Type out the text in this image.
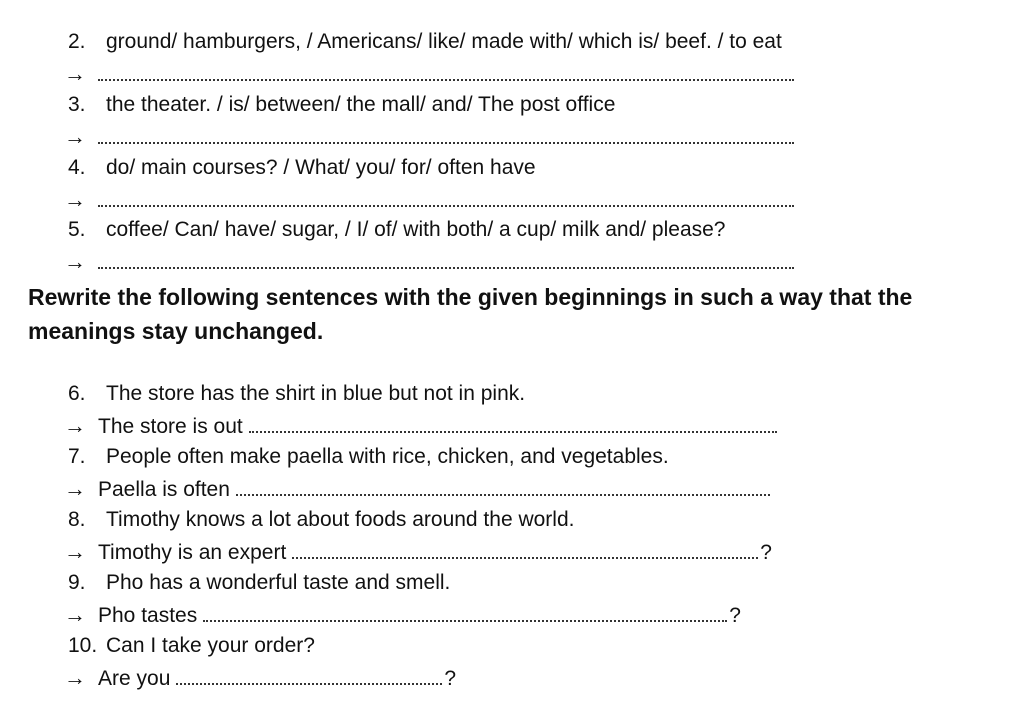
2. ground/ hamburgers, / Americans/ like/ made with/ which is/ beef. / to eat
→
3. the theater. / is/ between/ the mall/ and/ The post office
→
4. do/ main courses? / What/ you/ for/ often have
→
5. coffee/ Can/ have/ sugar, / I/ of/ with both/ a cup/ milk and/ please?
→
Rewrite the following sentences with the given beginnings in such a way that the meanings stay unchanged.
6. The store has the shirt in blue but not in pink.
→ The store is out
7. People often make paella with rice, chicken, and vegetables.
→ Paella is often
8. Timothy knows a lot about foods around the world.
→ Timothy is an expert	?
9. Pho has a wonderful taste and smell.
→ Pho tastes	?
10. Can I take your order?
→ Are you	?
